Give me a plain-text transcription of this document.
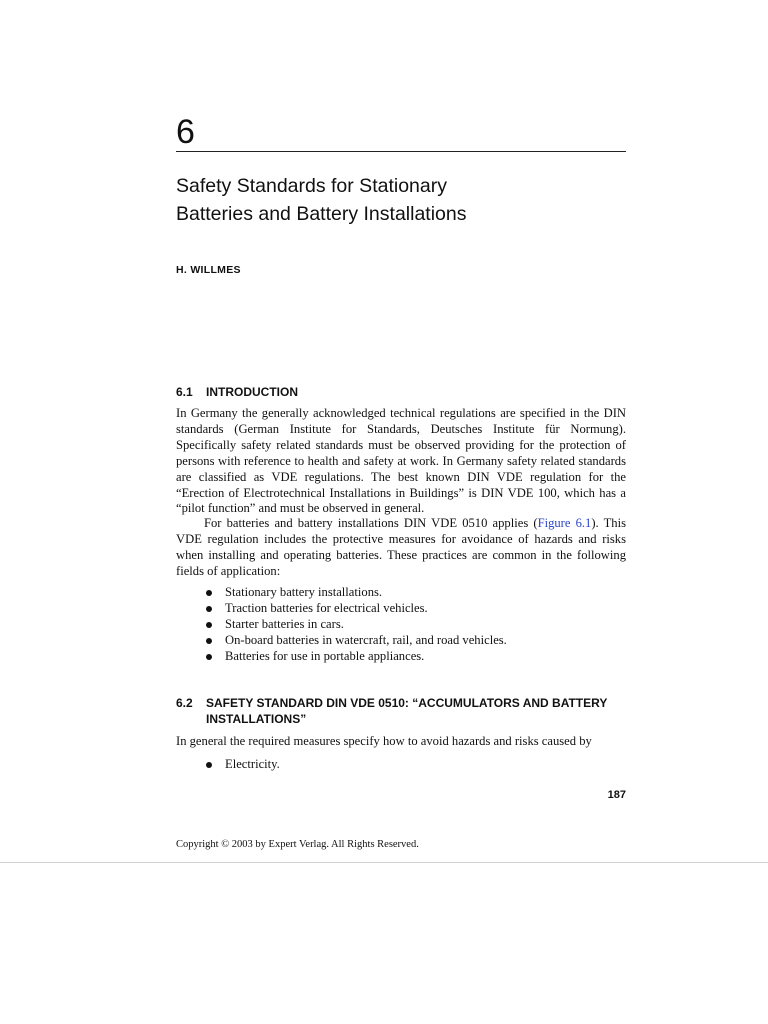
6
Safety Standards for Stationary
Batteries and Battery Installations
H. WILLMES
6.1	INTRODUCTION

In Germany the generally acknowledged technical regulations are specified in the DIN standards (German Institute for Standards, Deutsches Institute für Normung). Specifically safety related standards must be observed providing for the protection of persons with reference to health and safety at work. In Germany safety related standards are classified as VDE regulations. The best known DIN VDE regulation for the “Erection of Electrotechnical Installations in Buildings” is DIN VDE 100, which has a “pilot function” and must be observed in general.

For batteries and battery installations DIN VDE 0510 applies (Figure 6.1). This VDE regulation includes the protective measures for avoidance of hazards and risks when installing and operating batteries. These practices are common in the following fields of application:

Stationary battery installations.
Traction batteries for electrical vehicles.
Starter batteries in cars.
On-board batteries in watercraft, rail, and road vehicles.
Batteries for use in portable appliances.
6.2	SAFETY STANDARD DIN VDE 0510: “ACCUMULATORS AND BATTERY INSTALLATIONS”

In general the required measures specify how to avoid hazards and risks caused by

Electricity.
187
Copyright © 2003 by Expert Verlag. All Rights Reserved.
